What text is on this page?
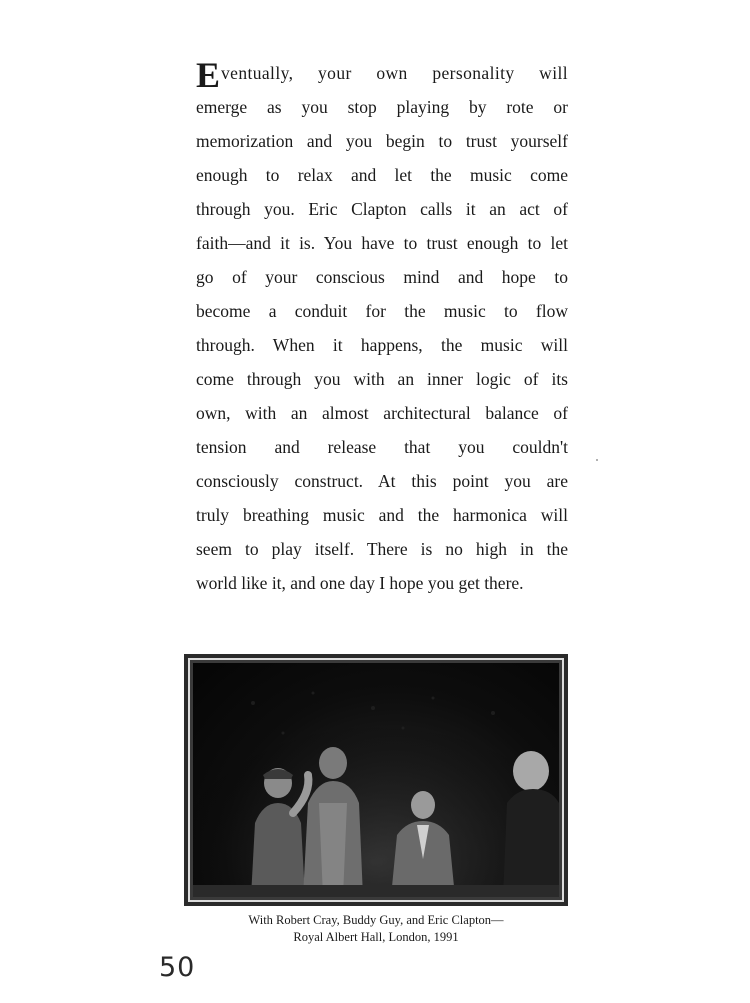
E ventually, your own personality will
emerge as you stop playing by rote or
memorization and you begin to trust yourself
enough to relax and let the music come
through you. Eric Clapton calls it an act of
faith—and it is. You have to trust enough to let
go of your conscious mind and hope to
become a conduit for the music to flow
through. When it happens, the music will
come through you with an inner logic of its
own, with an almost architectural balance of
tension and release that you couldn't
consciously construct. At this point you are
truly breathing music and the harmonica will
seem to play itself. There is no high in the
world like it, and one day I hope you get there.
With Robert Cray, Buddy Guy, and Eric Clapton—
Royal Albert Hall, London, 1991
50
